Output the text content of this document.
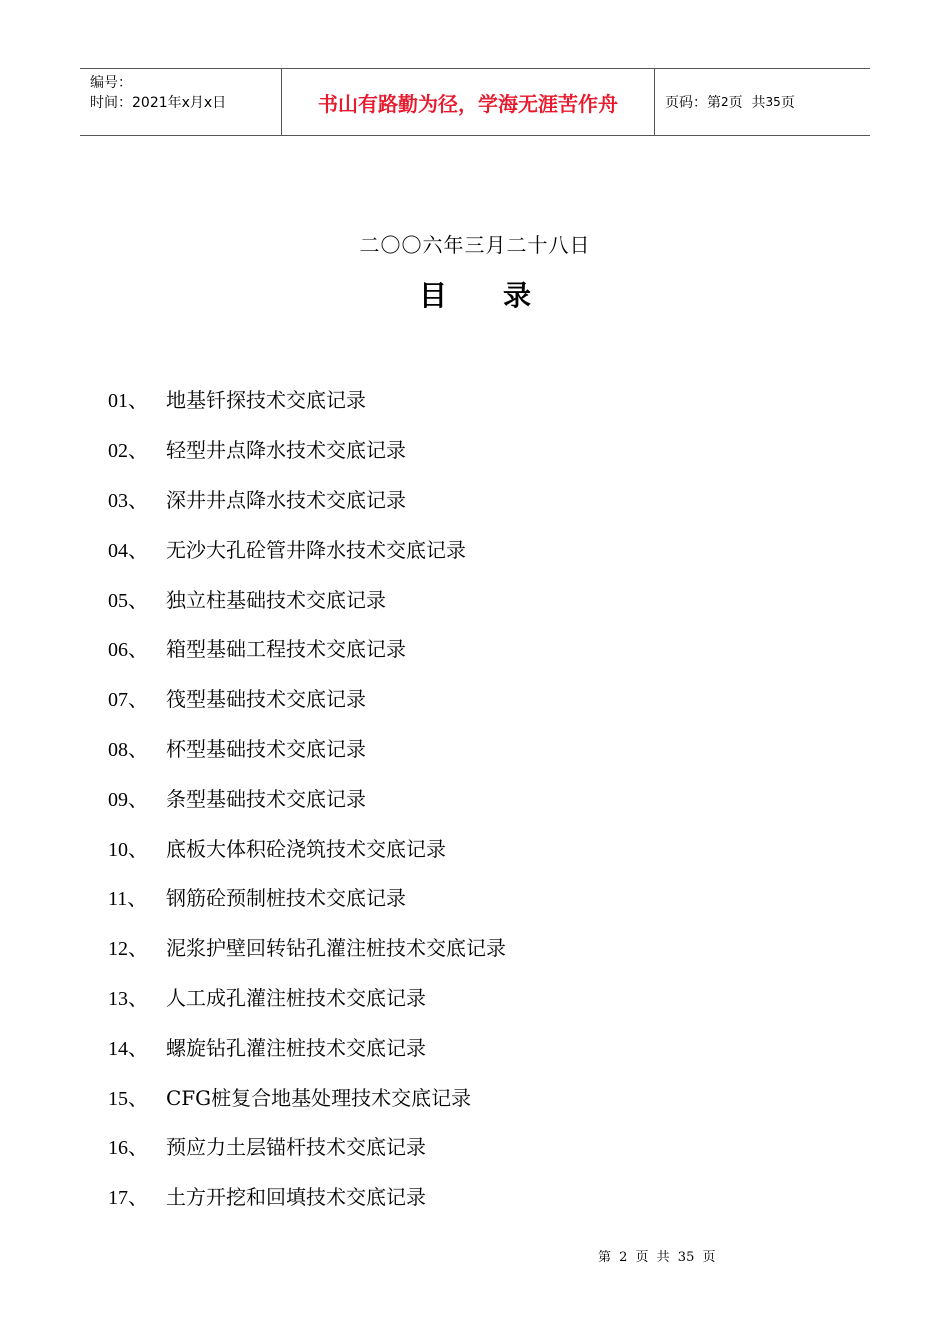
编号：
时间：2021年x月x日	书山有路勤为径，学海无涯苦作舟	页码：第 2 页  共 35 页
二〇〇六年三月二十八日
目录
01、 地基钎探技术交底记录
02、 轻型井点降水技术交底记录
03、 深井井点降水技术交底记录
04、 无沙大孔砼管井降水技术交底记录
05、 独立柱基础技术交底记录
06、 箱型基础工程技术交底记录
07、 筏型基础技术交底记录
08、 杯型基础技术交底记录
09、 条型基础技术交底记录
10、 底板大体积砼浇筑技术交底记录
11、 钢筋砼预制桩技术交底记录
12、 泥浆护壁回转钻孔灌注桩技术交底记录
13、 人工成孔灌注桩技术交底记录
14、 螺旋钻孔灌注桩技术交底记录
15、 CFG桩复合地基处理技术交底记录
16、 预应力土层锚杆技术交底记录
17、 土方开挖和回填技术交底记录
第 2 页 共 35 页
